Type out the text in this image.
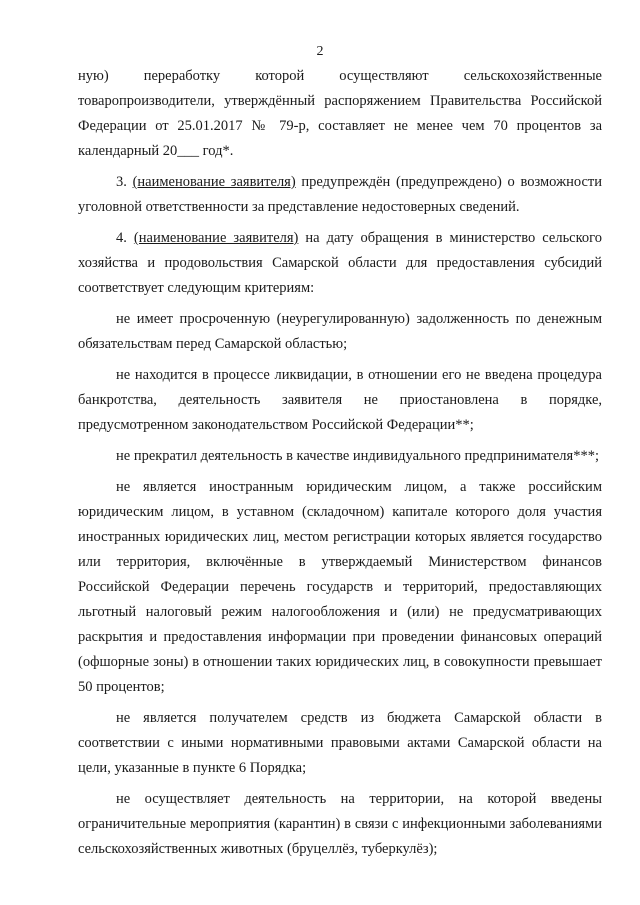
2

ную) переработку которой осуществляют сельскохозяйственные товаропроизводители, утверждённый распоряжением Правительства Российской Федерации от 25.01.2017 № 79-р, составляет не менее чем 70 процентов за календарный 20___ год*.

3. (наименование заявителя) предупреждён (предупреждено) о возможности уголовной ответственности за представление недостоверных сведений.

4. (наименование заявителя) на дату обращения в министерство сельского хозяйства и продовольствия Самарской области для предоставления субсидий соответствует следующим критериям:

не имеет просроченную (неурегулированную) задолженность по денежным обязательствам перед Самарской областью;

не находится в процессе ликвидации, в отношении его не введена процедура банкротства, деятельность заявителя не приостановлена в порядке, предусмотренном законодательством Российской Федерации**;

не прекратил деятельность в качестве индивидуального предпринимателя***;

не является иностранным юридическим лицом, а также российским юридическим лицом, в уставном (складочном) капитале которого доля участия иностранных юридических лиц, местом регистрации которых является государство или территория, включённые в утверждаемый Министерством финансов Российской Федерации перечень государств и территорий, предоставляющих льготный налоговый режим налогообложения и (или) не предусматривающих раскрытия и предоставления информации при проведении финансовых операций (офшорные зоны) в отношении таких юридических лиц, в совокупности превышает 50 процентов;

не является получателем средств из бюджета Самарской области в соответствии с иными нормативными правовыми актами Самарской области на цели, указанные в пункте 6 Порядка;

не осуществляет деятельность на территории, на которой введены ограничительные мероприятия (карантин) в связи с инфекционными заболеваниями сельскохозяйственных животных (бруцеллёз, туберкулёз);
